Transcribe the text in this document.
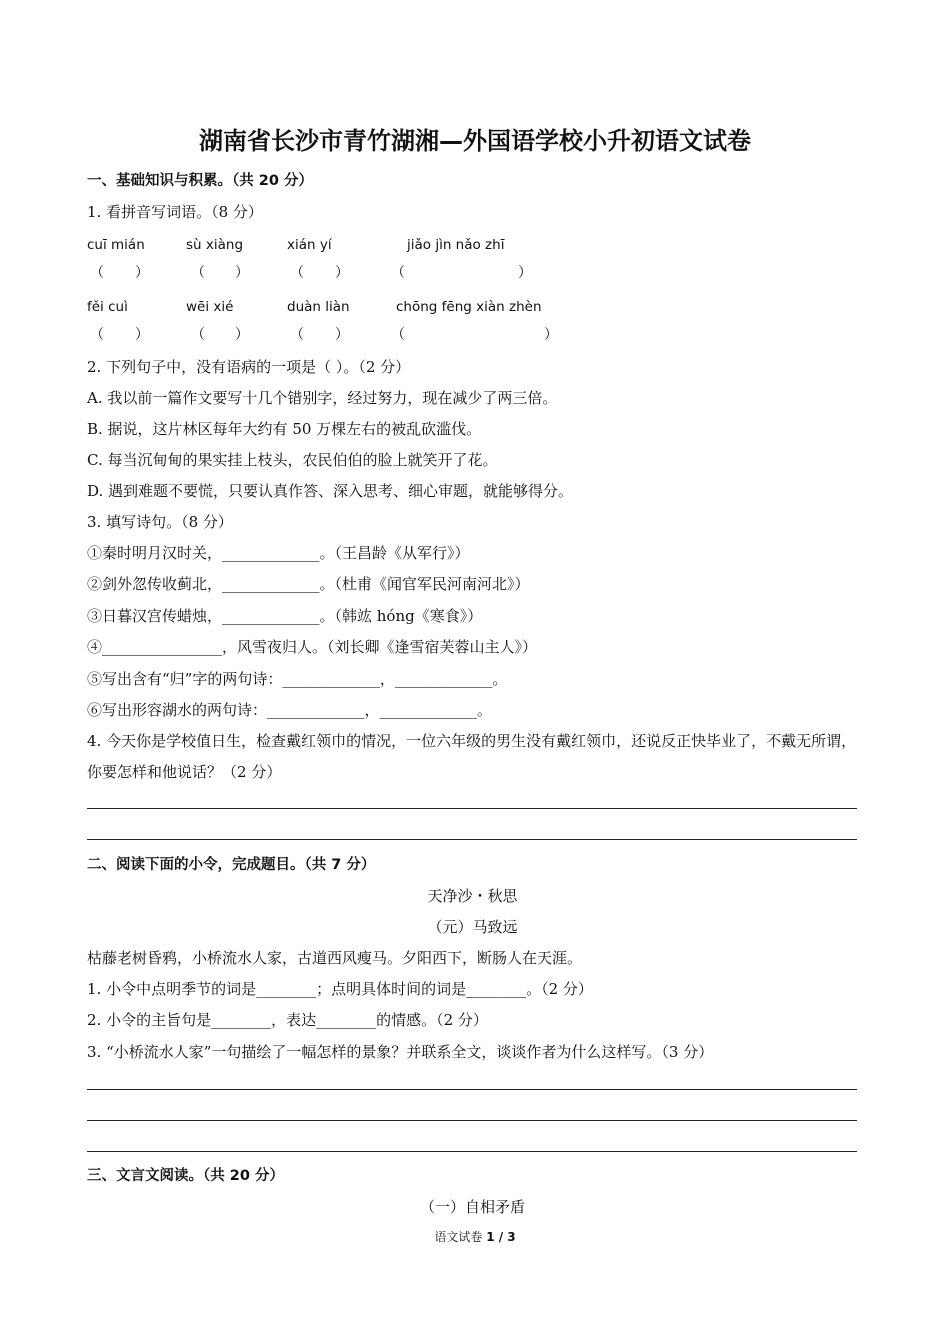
湖南省长沙市青竹湖湘—外国语学校小升初语文试卷
一、基础知识与积累。（共 20 分）
1. 看拼音写词语。（8 分）
cuī mián	sù xiàng	xián yí	jiǎo jìn nǎo zhī
（ ）	（ ）	（ ）	（	）
fěi cuì	wēi xié	duàn liàn	chōng fēng xiàn zhèn
（ ）	（ ）	（ ）	（	）
2. 下列句子中，没有语病的一项是（ ）。（2 分）
A. 我以前一篇作文要写十几个错别字，经过努力，现在减少了两三倍。
B. 据说，这片林区每年大约有 50 万棵左右的被乱砍滥伐。
C. 每当沉甸甸的果实挂上枝头，农民伯伯的脸上就笑开了花。
D. 遇到难题不要慌，只要认真作答、深入思考、细心审题，就能够得分。
3. 填写诗句。（8 分）
①秦时明月汉时关，_____________。（王昌龄《从军行》）
②剑外忽传收蓟北，_____________。（杜甫《闻官军民河南河北》）
③日暮汉宫传蜡烛，_____________。（韩竑 hóng《寒食》）
④________________，风雪夜归人。（刘长卿《逢雪宿芙蓉山主人》）
⑤写出含有“归”字的两句诗：_____________，_____________。
⑥写出形容湖水的两句诗：_____________，_____________。
4. 今天你是学校值日生，检查戴红领巾的情况，一位六年级的男生没有戴红领巾，还说反正快毕业了，不戴无所谓，你要怎样和他说话？（2 分）
二、阅读下面的小令，完成题目。（共 7 分）
天净沙・秋思
（元）马致远
枯藤老树昏鸦，小桥流水人家，古道西风瘦马。夕阳西下，断肠人在天涯。
1. 小令中点明季节的词是________；点明具体时间的词是________。（2 分）
2. 小令的主旨句是________，表达________的情感。（2 分）
3. “小桥流水人家”一句描绘了一幅怎样的景象？并联系全文，谈谈作者为什么这样写。（3 分）
三、文言文阅读。（共 20 分）
（一）自相矛盾
语文试卷 1 / 3
